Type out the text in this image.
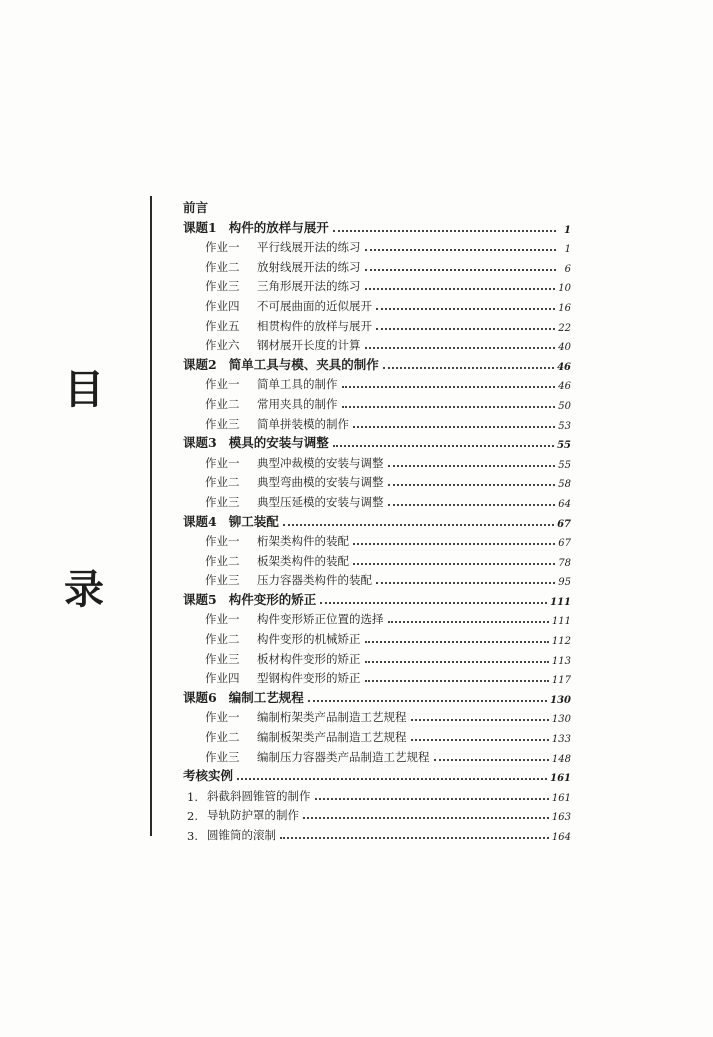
目
录
前言
课题1 构件的放样与展开	1
作业一	平行线展开法的练习	1
作业二	放射线展开法的练习	6
作业三	三角形展开法的练习	10
作业四	不可展曲面的近似展开	16
作业五	相贯构件的放样与展开	22
作业六	钢材展开长度的计算	40
课题2 简单工具与模、夹具的制作	46
作业一	简单工具的制作	46
作业二	常用夹具的制作	50
作业三	简单拼装模的制作	53
课题3 模具的安装与调整	55
作业一	典型冲裁模的安装与调整	55
作业二	典型弯曲模的安装与调整	58
作业三	典型压延模的安装与调整	64
课题4 铆工装配	67
作业一	桁架类构件的装配	67
作业二	板架类构件的装配	78
作业三	压力容器类构件的装配	95
课题5 构件变形的矫正	111
作业一	构件变形矫正位置的选择	111
作业二	构件变形的机械矫正	112
作业三	板材构件变形的矫正	113
作业四	型钢构件变形的矫正	117
课题6 编制工艺规程	130
作业一	编制桁架类产品制造工艺规程	130
作业二	编制板架类产品制造工艺规程	133
作业三	编制压力容器类产品制造工艺规程	148
考核实例	161
1. 斜截斜圆锥管的制作	161
2. 导轨防护罩的制作	163
3. 圆锥筒的滚制	164
